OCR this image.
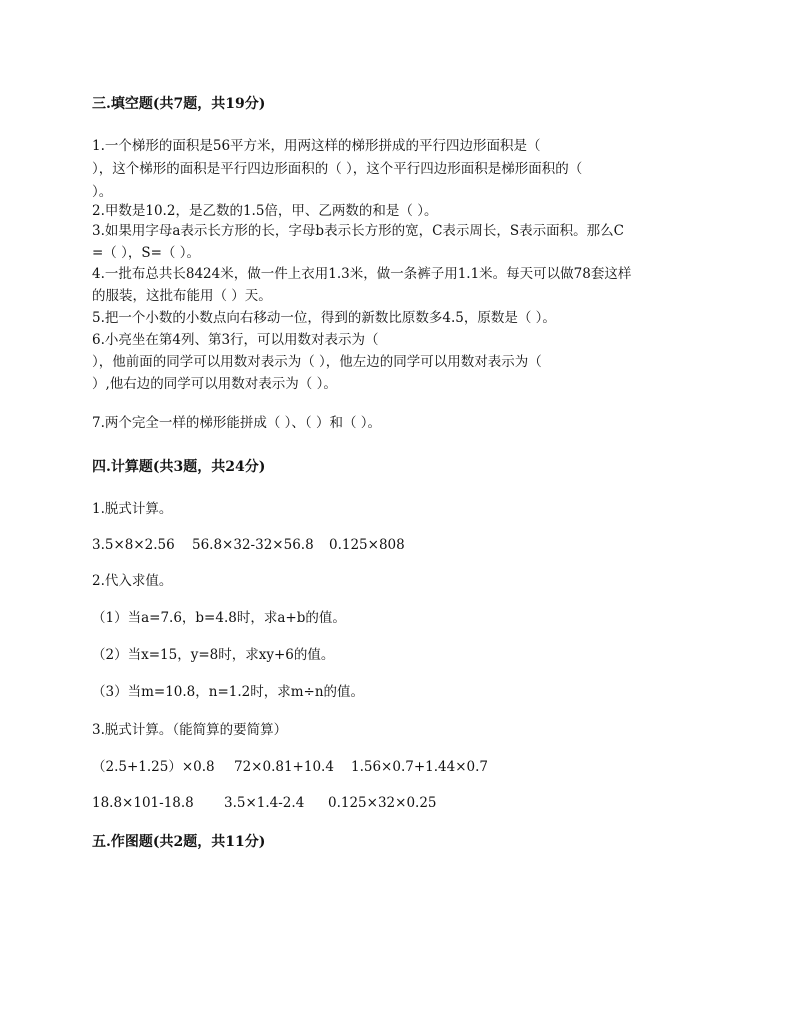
三.填空题(共7题，共19分)
1.一个梯形的面积是56平方米，用两这样的梯形拼成的平行四边形面积是（
），这个梯形的面积是平行四边形面积的（ ），这个平行四边形面积是梯形面积的（
）。
2.甲数是10.2，是乙数的1.5倍，甲、乙两数的和是（ ）。
3.如果用字母a表示长方形的长，字母b表示长方形的宽，C表示周长，S表示面积。那么C
=（ ），S=（ ）。
4.一批布总共长8424米，做一件上衣用1.3米，做一条裤子用1.1米。每天可以做78套这样
的服装，这批布能用（ ）天。
5.把一个小数的小数点向右移动一位，得到的新数比原数多4.5，原数是（ ）。
6.小亮坐在第4列、第3行，可以用数对表示为（
），他前面的同学可以用数对表示为（ ），他左边的同学可以用数对表示为（
）,他右边的同学可以用数对表示为（ ）。
7.两个完全一样的梯形能拼成（ ）、（ ）和（ ）。
四.计算题(共3题，共24分)
1.脱式计算。
3.5×8×2.56 56.8×32-32×56.8 0.125×808
2.代入求值。
（1）当a=7.6，b=4.8时，求a+b的值。
（2）当x=15，y=8时，求xy+6的值。
（3）当m=10.8，n=1.2时，求m÷n的值。
3.脱式计算。（能简算的要简算）
（2.5+1.25）×0.8 72×0.81+10.4 1.56×0.7+1.44×0.7
18.8×101-18.8 3.5×1.4-2.4 0.125×32×0.25
五.作图题(共2题，共11分)
